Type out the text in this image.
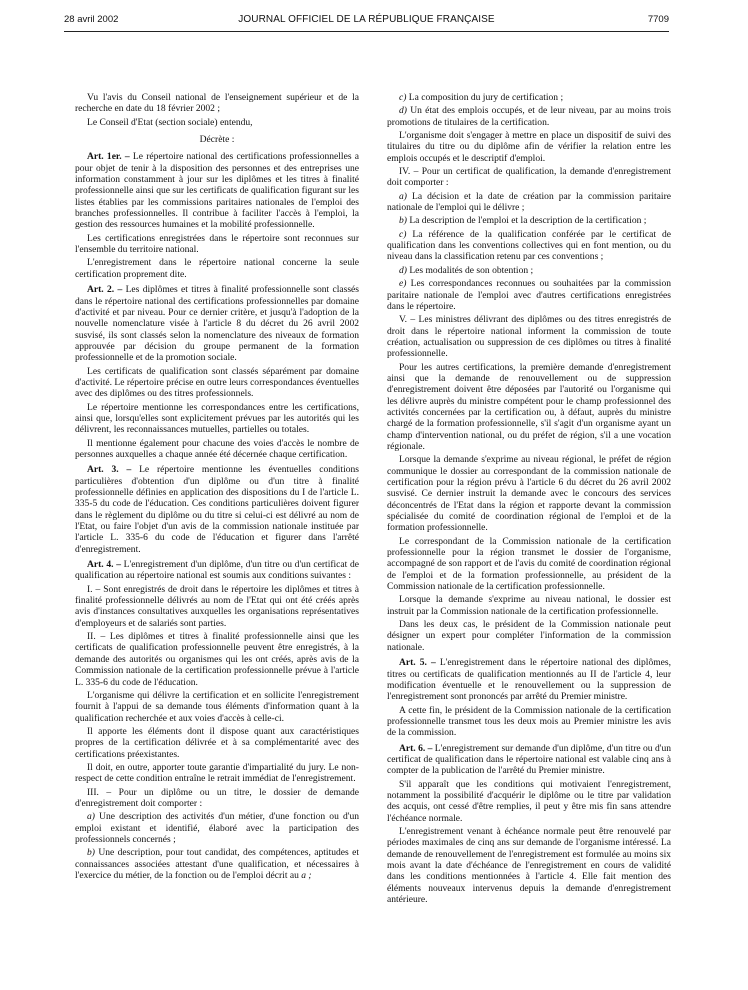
28 avril 2002	JOURNAL OFFICIEL DE LA RÉPUBLIQUE FRANÇAISE	7709

Vu l'avis du Conseil national de l'enseignement supérieur et de la recherche en date du 18 février 2002 ;

Le Conseil d'Etat (section sociale) entendu,

Décrète :

Art. 1er. – Le répertoire national des certifications professionnelles a pour objet de tenir à la disposition des personnes et des entreprises une information constamment à jour sur les diplômes et les titres à finalité professionnelle ainsi que sur les certificats de qualification figurant sur les listes établies par les commissions paritaires nationales de l'emploi des branches professionnelles. Il contribue à faciliter l'accès à l'emploi, la gestion des ressources humaines et la mobilité professionnelle.

Les certifications enregistrées dans le répertoire sont reconnues sur l'ensemble du territoire national.

L'enregistrement dans le répertoire national concerne la seule certification proprement dite.

Art. 2. – Les diplômes et titres à finalité professionnelle sont classés dans le répertoire national des certifications professionnelles par domaine d'activité et par niveau. Pour ce dernier critère, et jusqu'à l'adoption de la nouvelle nomenclature visée à l'article 8 du décret du 26 avril 2002 susvisé, ils sont classés selon la nomenclature des niveaux de formation approuvée par décision du groupe permanent de la formation professionnelle et de la promotion sociale.

Les certificats de qualification sont classés séparément par domaine d'activité. Le répertoire précise en outre leurs correspondances éventuelles avec des diplômes ou des titres professionnels.

Le répertoire mentionne les correspondances entre les certifications, ainsi que, lorsqu'elles sont explicitement prévues par les autorités qui les délivrent, les reconnaissances mutuelles, partielles ou totales.

Il mentionne également pour chacune des voies d'accès le nombre de personnes auxquelles a chaque année été décernée chaque certification.

Art. 3. – Le répertoire mentionne les éventuelles conditions particulières d'obtention d'un diplôme ou d'un titre à finalité professionnelle définies en application des dispositions du I de l'article L. 335-5 du code de l'éducation. Ces conditions particulières doivent figurer dans le règlement du diplôme ou du titre si celui-ci est délivré au nom de l'Etat, ou faire l'objet d'un avis de la commission nationale instituée par l'article L. 335-6 du code de l'éducation et figurer dans l'arrêté d'enregistrement.

Art. 4. – L'enregistrement d'un diplôme, d'un titre ou d'un certificat de qualification au répertoire national est soumis aux conditions suivantes :

I. – Sont enregistrés de droit dans le répertoire les diplômes et titres à finalité professionnelle délivrés au nom de l'Etat qui ont été créés après avis d'instances consultatives auxquelles les organisations représentatives d'employeurs et de salariés sont parties.

II. – Les diplômes et titres à finalité professionnelle ainsi que les certificats de qualification professionnelle peuvent être enregistrés, à la demande des autorités ou organismes qui les ont créés, après avis de la Commission nationale de la certification professionnelle prévue à l'article L. 335-6 du code de l'éducation.

L'organisme qui délivre la certification et en sollicite l'enregistrement fournit à l'appui de sa demande tous éléments d'information quant à la qualification recherchée et aux voies d'accès à celle-ci.

Il apporte les éléments dont il dispose quant aux caractéristiques propres de la certification délivrée et à sa complémentarité avec des certifications préexistantes.

Il doit, en outre, apporter toute garantie d'impartialité du jury. Le non-respect de cette condition entraîne le retrait immédiat de l'enregistrement.

III. – Pour un diplôme ou un titre, le dossier de demande d'enregistrement doit comporter :

a) Une description des activités d'un métier, d'une fonction ou d'un emploi existant et identifié, élaboré avec la participation des professionnels concernés ;

b) Une description, pour tout candidat, des compétences, aptitudes et connaissances associées attestant d'une qualification, et nécessaires à l'exercice du métier, de la fonction ou de l'emploi décrit au a ;

c) La composition du jury de certification ;

d) Un état des emplois occupés, et de leur niveau, par au moins trois promotions de titulaires de la certification.

L'organisme doit s'engager à mettre en place un dispositif de suivi des titulaires du titre ou du diplôme afin de vérifier la relation entre les emplois occupés et le descriptif d'emploi.

IV. – Pour un certificat de qualification, la demande d'enregistrement doit comporter :

a) La décision et la date de création par la commission paritaire nationale de l'emploi qui le délivre ;

b) La description de l'emploi et la description de la certification ;

c) La référence de la qualification conférée par le certificat de qualification dans les conventions collectives qui en font mention, ou du niveau dans la classification retenu par ces conventions ;

d) Les modalités de son obtention ;

e) Les correspondances reconnues ou souhaitées par la commission paritaire nationale de l'emploi avec d'autres certifications enregistrées dans le répertoire.

V. – Les ministres délivrant des diplômes ou des titres enregistrés de droit dans le répertoire national informent la commission de toute création, actualisation ou suppression de ces diplômes ou titres à finalité professionnelle.

Pour les autres certifications, la première demande d'enregistrement ainsi que la demande de renouvellement ou de suppression d'enregistrement doivent être déposées par l'autorité ou l'organisme qui les délivre auprès du ministre compétent pour le champ professionnel des activités concernées par la certification ou, à défaut, auprès du ministre chargé de la formation professionnelle, s'il s'agit d'un organisme ayant un champ d'intervention national, ou du préfet de région, s'il a une vocation régionale.

Lorsque la demande s'exprime au niveau régional, le préfet de région communique le dossier au correspondant de la commission nationale de certification pour la région prévu à l'article 6 du décret du 26 avril 2002 susvisé. Ce dernier instruit la demande avec le concours des services déconcentrés de l'Etat dans la région et rapporte devant la commission spécialisée du comité de coordination régional de l'emploi et de la formation professionnelle.

Le correspondant de la Commission nationale de la certification professionnelle pour la région transmet le dossier de l'organisme, accompagné de son rapport et de l'avis du comité de coordination régional de l'emploi et de la formation professionnelle, au président de la Commission nationale de la certification professionnelle.

Lorsque la demande s'exprime au niveau national, le dossier est instruit par la Commission nationale de la certification professionnelle.

Dans les deux cas, le président de la Commission nationale peut désigner un expert pour compléter l'information de la commission nationale.

Art. 5. – L'enregistrement dans le répertoire national des diplômes, titres ou certificats de qualification mentionnés au II de l'article 4, leur modification éventuelle et le renouvellement ou la suppression de l'enregistrement sont prononcés par arrêté du Premier ministre.

A cette fin, le président de la Commission nationale de la certification professionnelle transmet tous les deux mois au Premier ministre les avis de la commission.

Art. 6. – L'enregistrement sur demande d'un diplôme, d'un titre ou d'un certificat de qualification dans le répertoire national est valable cinq ans à compter de la publication de l'arrêté du Premier ministre.

S'il apparaît que les conditions qui motivaient l'enregistrement, notamment la possibilité d'acquérir le diplôme ou le titre par validation des acquis, ont cessé d'être remplies, il peut y être mis fin sans attendre l'échéance normale.

L'enregistrement venant à échéance normale peut être renouvelé par périodes maximales de cinq ans sur demande de l'organisme intéressé. La demande de renouvellement de l'enregistrement est formulée au moins six mois avant la date d'échéance de l'enregistrement en cours de validité dans les conditions mentionnées à l'article 4. Elle fait mention des éléments nouveaux intervenus depuis la demande d'enregistrement antérieure.
